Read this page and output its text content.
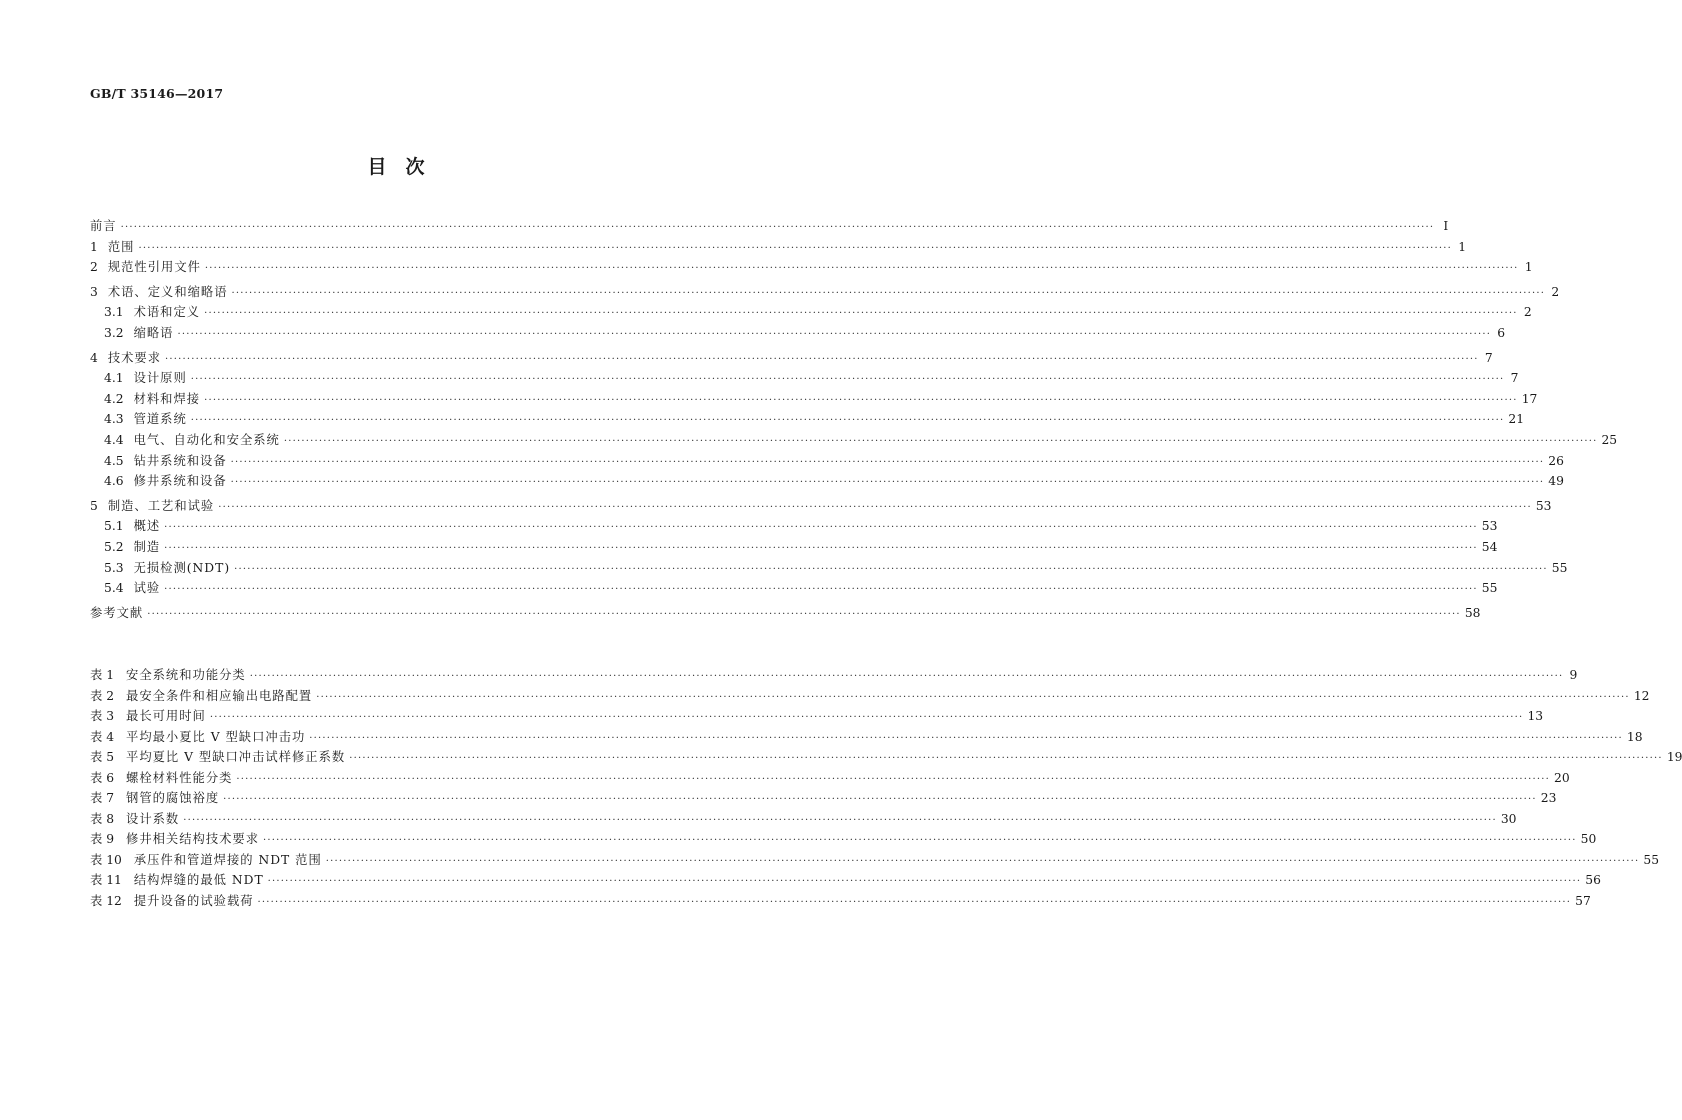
GB/T 35146—2017
目　次
前言 ············································································································································································································································································································ I
1 范围 ············································································································································································································································································································ 1
2 规范性引用文件 ············································································································································································································································································································ 1
3 术语、定义和缩略语 ············································································································································································································································································································ 2
3.1 术语和定义 ············································································································································································································································································································ 2
3.2 缩略语 ············································································································································································································································································································ 6
4 技术要求 ············································································································································································································································································································ 7
4.1 设计原则 ············································································································································································································································································································ 7
4.2 材料和焊接 ············································································································································································································································································································ 17
4.3 管道系统 ············································································································································································································································································································ 21
4.4 电气、自动化和安全系统 ············································································································································································································································································································ 25
4.5 钻井系统和设备 ············································································································································································································································································································ 26
4.6 修井系统和设备 ············································································································································································································································································································ 49
5 制造、工艺和试验 ············································································································································································································································································································ 53
5.1 概述 ············································································································································································································································································································ 53
5.2 制造 ············································································································································································································································································································ 54
5.3 无损检测(NDT) ············································································································································································································································································································ 55
5.4 试验 ············································································································································································································································································································ 55
参考文献 ············································································································································································································································································································ 58
表 1 安全系统和功能分类 ············································································································································································································································································································ 9
表 2 最安全条件和相应输出电路配置 ············································································································································································································································································································ 12
表 3 最长可用时间 ············································································································································································································································································································ 13
表 4 平均最小夏比 V 型缺口冲击功 ············································································································································································································································································································ 18
表 5 平均夏比 V 型缺口冲击试样修正系数 ············································································································································································································································································································ 19
表 6 螺栓材料性能分类 ············································································································································································································································································································ 20
表 7 钢管的腐蚀裕度 ············································································································································································································································································································ 23
表 8 设计系数 ············································································································································································································································································································ 30
表 9 修井相关结构技术要求 ············································································································································································································································································································ 50
表 10 承压件和管道焊接的 NDT 范围 ············································································································································································································································································································ 55
表 11 结构焊缝的最低 NDT ············································································································································································································································································································ 56
表 12 提升设备的试验载荷 ············································································································································································································································································································ 57
